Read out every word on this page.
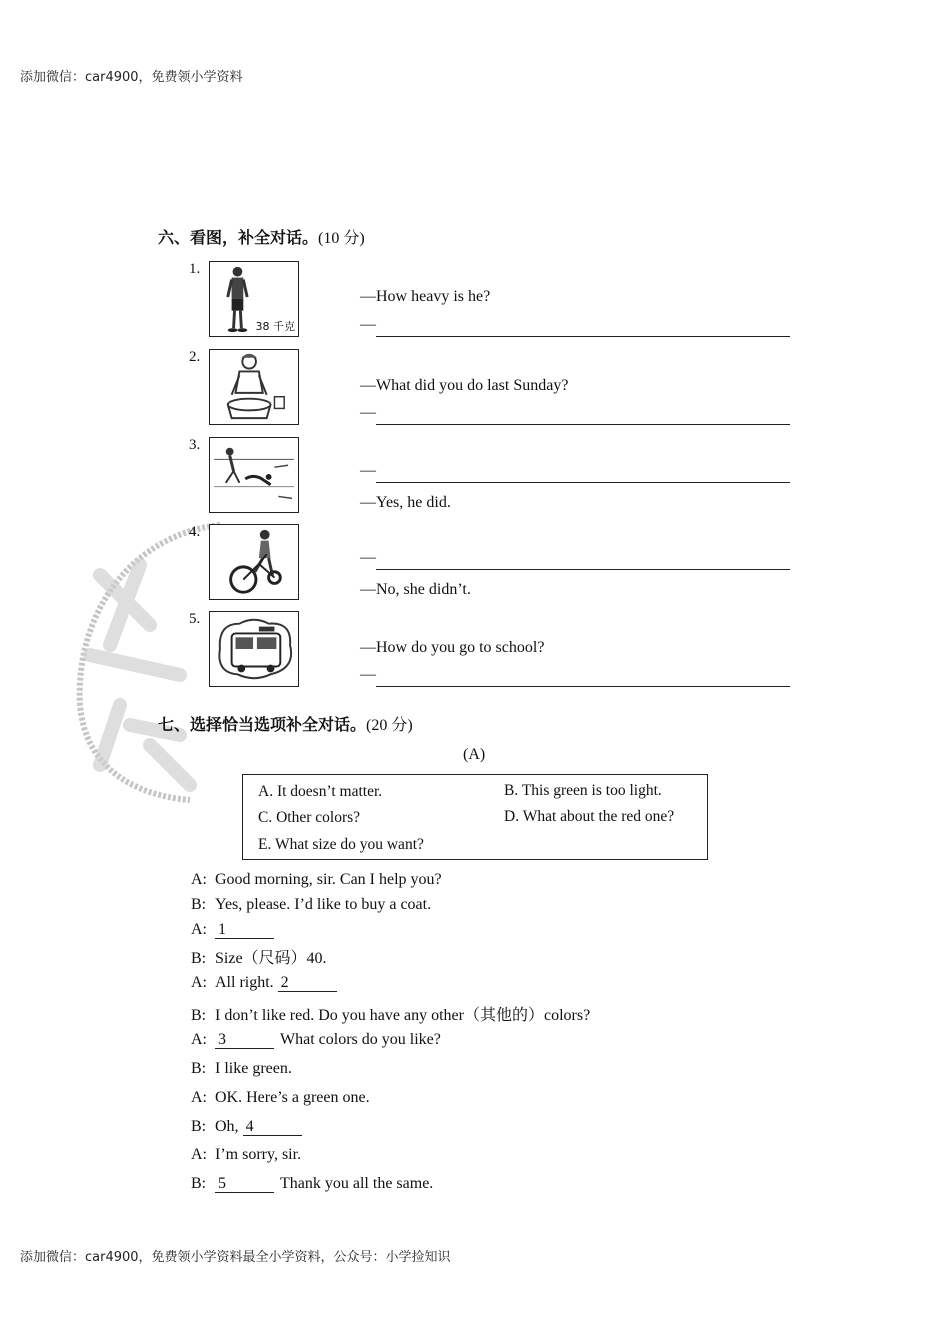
添加微信：car4900，免费领小学资料
六、看图，补全对话。(10 分)
1.
38 千克
—How heavy is he?
—
2.
—What did you do last Sunday?
—
3.
—
—Yes, he did.
4.
—
—No, she didn’t.
5.
—How do you go to school?
—
七、选择恰当选项补全对话。(20 分)
(A)
A. It doesn’t matter.	B. This green is too light.
C. Other colors?	D. What about the red one?
E. What size do you want?
A: Good morning, sir. Can I help you?
B: Yes, please. I’d like to buy a coat.
A: 1
B: Size（尺码）40.
A: All right. 2
B: I don’t like red. Do you have any other（其他的）colors?
A: 3	What colors do you like?
B: I like green.
A: OK. Here’s a green one.
B: Oh, 4
A: I’m sorry, sir.
B: 5	Thank you all the same.
添加微信：car4900，免费领小学资料最全小学资料，公众号：小学捡知识
